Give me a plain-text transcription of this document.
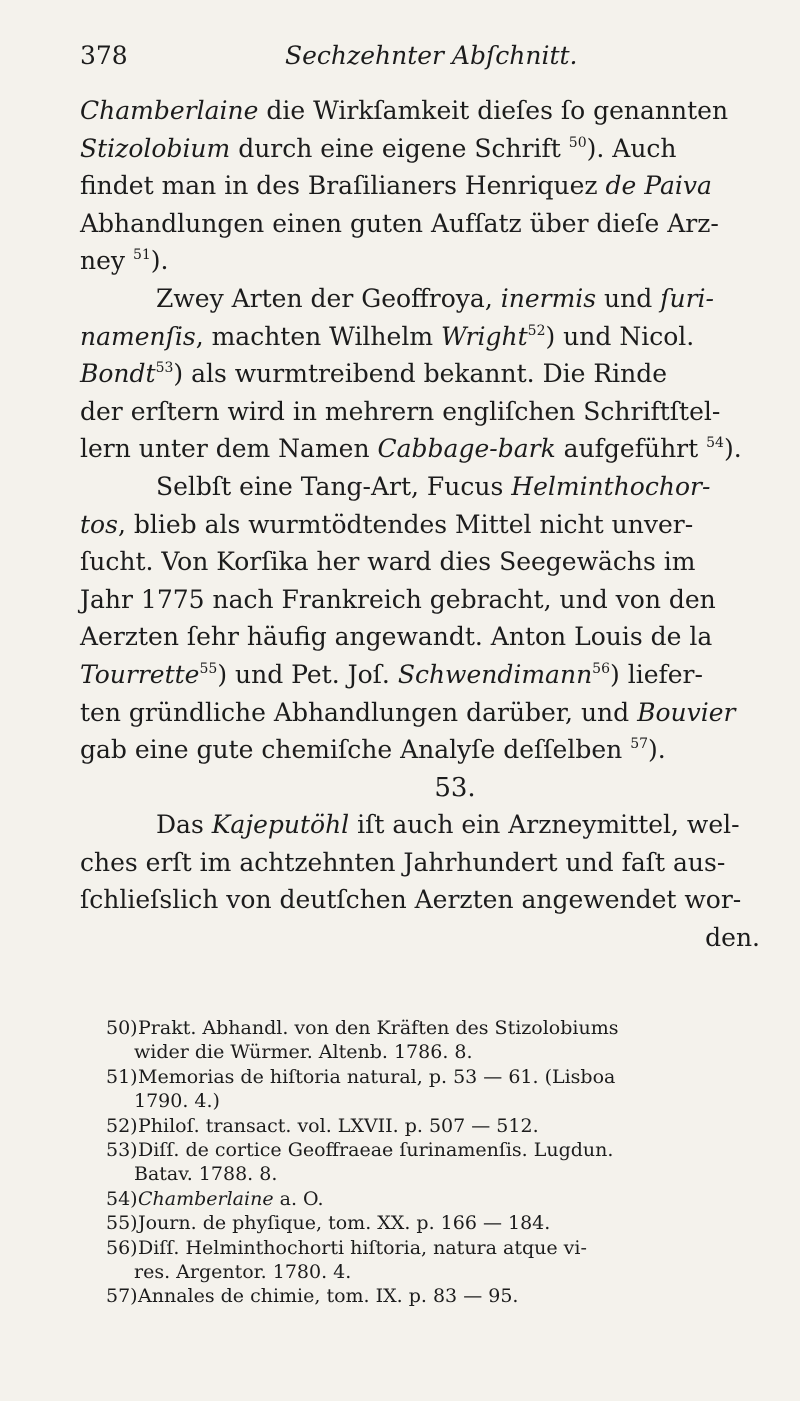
378	Sechzehnter Abſchnitt.
Chamberlaine die Wirkſamkeit dieſes ſo genannten
Stizolobium durch eine eigene Schrift $^{50}$). Auch
findet man in des Braſilianers Henriquez de Paiva
Abhandlungen einen guten Aufſatz über dieſe Arz-
ney $^{51}$).
Zwey Arten der Geoffroya, inermis und ſuri-
namenſis, machten Wilhelm Wright$^{52}$) und Nicol.
Bondt$^{53}$) als wurmtreibend bekannt. Die Rinde
der erſtern wird in mehrern engliſchen Schriftſtel-
lern unter dem Namen Cabbage-bark aufgeführt $^{54}$).
Selbſt eine Tang-Art, Fucus Helminthochor-
tos, blieb als wurmtödtendes Mittel nicht unver-
ſucht. Von Korſika her ward dies Seegewächs im
Jahr 1775 nach Frankreich gebracht, und von den
Aerzten ſehr häufig angewandt. Anton Louis de la
Tourrette$^{55}$) und Pet. Joſ. Schwendimann$^{56}$) liefer-
ten gründliche Abhandlungen darüber, und Bouvier
gab eine gute chemiſche Analyſe deſſelben $^{57}$).
53.
Das Kajeputöhl iſt auch ein Arzneymittel, wel-
ches erſt im achtzehnten Jahrhundert und faſt aus-
ſchlieſslich von deutſchen Aerzten angewendet wor-
den.
50)Prakt. Abhandl. von den Kräften des Stizolobiums
wider die Würmer. Altenb. 1786. 8.
51)Memorias de hiſtoria natural, p. 53 — 61. (Lisboa
1790. 4.)
52)Philoſ. transact. vol. LXVII. p. 507 — 512.
53)Diſſ. de cortice Geoffraeae ſurinamenſis. Lugdun.
Batav. 1788. 8.
54)Chamberlaine a. O.
55)Journ. de phyſique, tom. XX. p. 166 — 184.
56)Diſſ. Helminthochorti hiſtoria, natura atque vi-
res. Argentor. 1780. 4.
57)Annales de chimie, tom. IX. p. 83 — 95.
